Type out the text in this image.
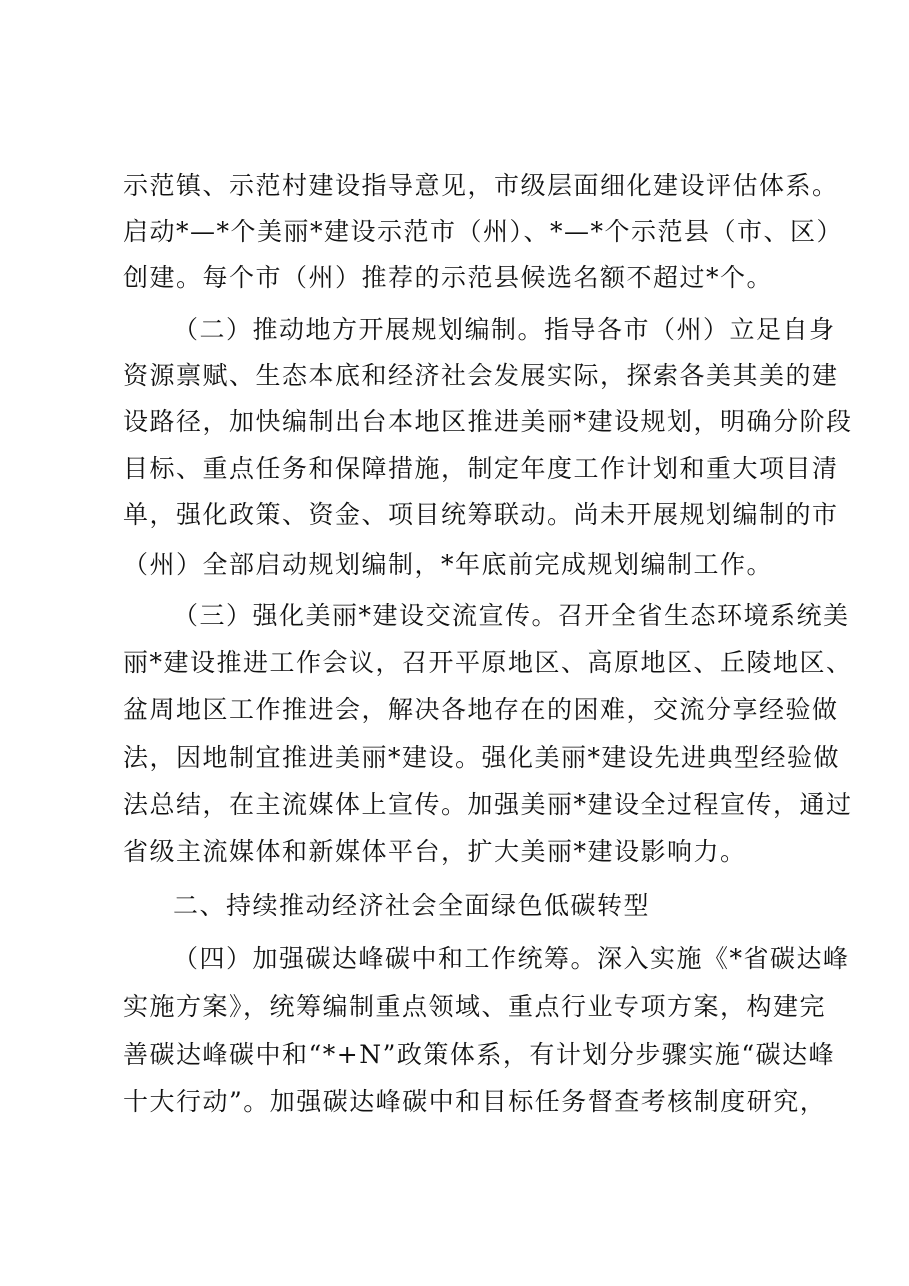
示范镇、示范村建设指导意见，市级层面细化建设评估体系。
启动*—*个美丽*建设示范市（州）、*—*个示范县（市、区）
创建。每个市（州）推荐的示范县候选名额不超过*个。
（二）推动地方开展规划编制。指导各市（州）立足自身
资源禀赋、生态本底和经济社会发展实际，探索各美其美的建
设路径，加快编制出台本地区推进美丽*建设规划，明确分阶段
目标、重点任务和保障措施，制定年度工作计划和重大项目清
单，强化政策、资金、项目统筹联动。尚未开展规划编制的市
（州）全部启动规划编制，*年底前完成规划编制工作。
（三）强化美丽*建设交流宣传。召开全省生态环境系统美
丽*建设推进工作会议，召开平原地区、高原地区、丘陵地区、
盆周地区工作推进会，解决各地存在的困难，交流分享经验做
法，因地制宜推进美丽*建设。强化美丽*建设先进典型经验做
法总结，在主流媒体上宣传。加强美丽*建设全过程宣传，通过
省级主流媒体和新媒体平台，扩大美丽*建设影响力。
二、持续推动经济社会全面绿色低碳转型
（四）加强碳达峰碳中和工作统筹。深入实施《*省碳达峰
实施方案》，统筹编制重点领域、重点行业专项方案，构建完
善碳达峰碳中和“*+N”政策体系，有计划分步骤实施“碳达峰
十大行动”。加强碳达峰碳中和目标任务督查考核制度研究，
